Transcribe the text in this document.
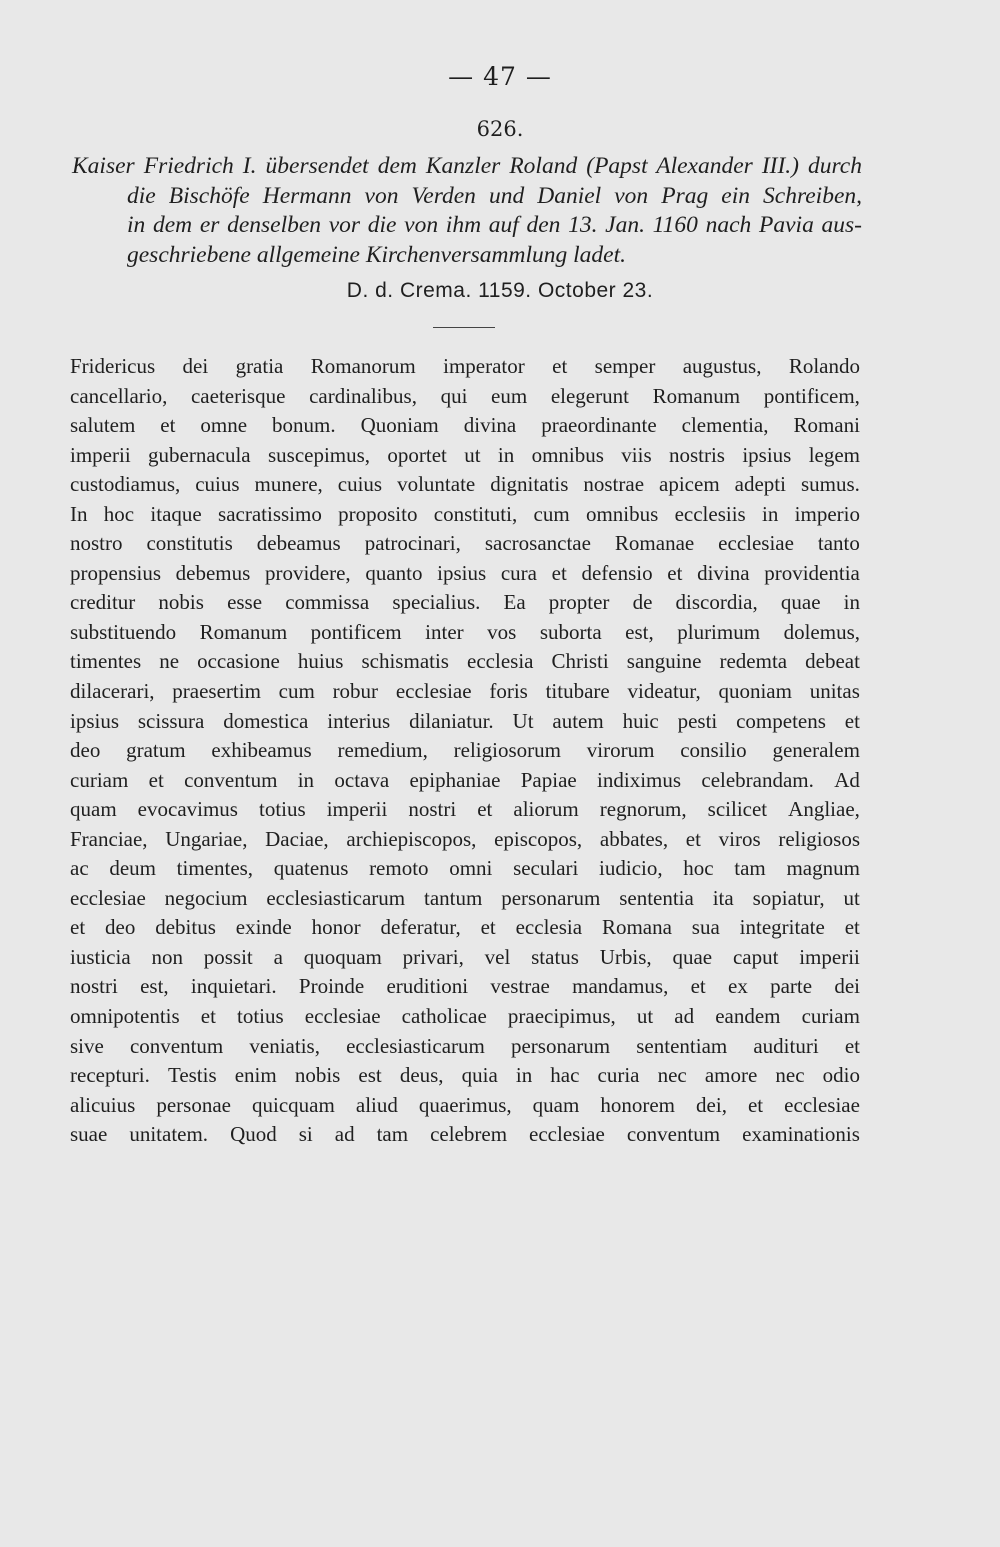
— 47 —
626.
Kaiser Friedrich I. übersendet dem Kanzler Roland (Papst Alexander III.) durch
die Bischöfe Hermann von Verden und Daniel von Prag ein Schreiben,
in dem er denselben vor die von ihm auf den 13. Jan. 1160 nach Pavia aus-
geschriebene allgemeine Kirchenversammlung ladet.
D. d. Crema. 1159. October 23.
Fridericus dei gratia Romanorum imperator et semper augustus, Rolando
cancellario, caeterisque cardinalibus, qui eum elegerunt Romanum pontificem,
salutem et omne bonum. Quoniam divina praeordinante clementia, Romani
imperii gubernacula suscepimus, oportet ut in omnibus viis nostris ipsius legem
custodiamus, cuius munere, cuius voluntate dignitatis nostrae apicem adepti sumus.
In hoc itaque sacratissimo proposito constituti, cum omnibus ecclesiis in imperio
nostro constitutis debeamus patrocinari, sacrosanctae Romanae ecclesiae tanto
propensius debemus providere, quanto ipsius cura et defensio et divina providentia
creditur nobis esse commissa specialius. Ea propter de discordia, quae in
substituendo Romanum pontificem inter vos suborta est, plurimum dolemus,
timentes ne occasione huius schismatis ecclesia Christi sanguine redemta debeat
dilacerari, praesertim cum robur ecclesiae foris titubare videatur, quoniam unitas
ipsius scissura domestica interius dilaniatur. Ut autem huic pesti competens et
deo gratum exhibeamus remedium, religiosorum virorum consilio generalem
curiam et conventum in octava epiphaniae Papiae indiximus celebrandam. Ad
quam evocavimus totius imperii nostri et aliorum regnorum, scilicet Angliae,
Franciae, Ungariae, Daciae, archiepiscopos, episcopos, abbates, et viros religiosos
ac deum timentes, quatenus remoto omni seculari iudicio, hoc tam magnum
ecclesiae negocium ecclesiasticarum tantum personarum sententia ita sopiatur, ut
et deo debitus exinde honor deferatur, et ecclesia Romana sua integritate et
iusticia non possit a quoquam privari, vel status Urbis, quae caput imperii
nostri est, inquietari. Proinde eruditioni vestrae mandamus, et ex parte dei
omnipotentis et totius ecclesiae catholicae praecipimus, ut ad eandem curiam
sive conventum veniatis, ecclesiasticarum personarum sententiam audituri et
recepturi. Testis enim nobis est deus, quia in hac curia nec amore nec odio
alicuius personae quicquam aliud quaerimus, quam honorem dei, et ecclesiae
suae unitatem. Quod si ad tam celebrem ecclesiae conventum examinationis
